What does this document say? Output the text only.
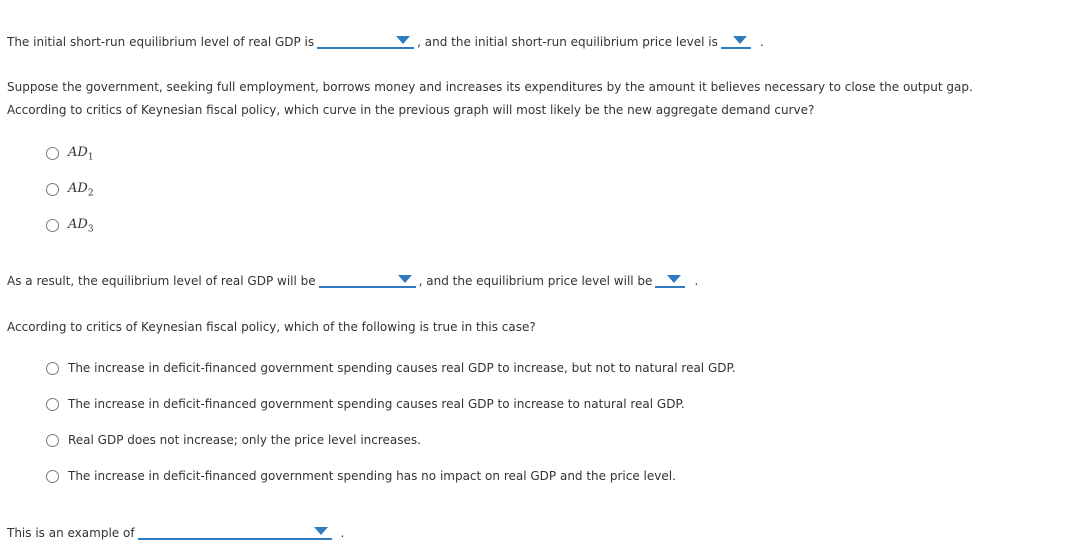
The initial short-run equilibrium level of real GDP is	, and the initial short-run equilibrium price level is	.
Suppose the government, seeking full employment, borrows money and increases its expenditures by the amount it believes necessary to close the output gap. According to critics of Keynesian fiscal policy, which curve in the previous graph will most likely be the new aggregate demand curve?
$AD_1$
$AD_2$
$AD_3$
As a result, the equilibrium level of real GDP will be	, and the equilibrium price level will be	.
According to critics of Keynesian fiscal policy, which of the following is true in this case?
The increase in deficit-financed government spending causes real GDP to increase, but not to natural real GDP.
The increase in deficit-financed government spending causes real GDP to increase to natural real GDP.
Real GDP does not increase; only the price level increases.
The increase in deficit-financed government spending has no impact on real GDP and the price level.
This is an example of	.
